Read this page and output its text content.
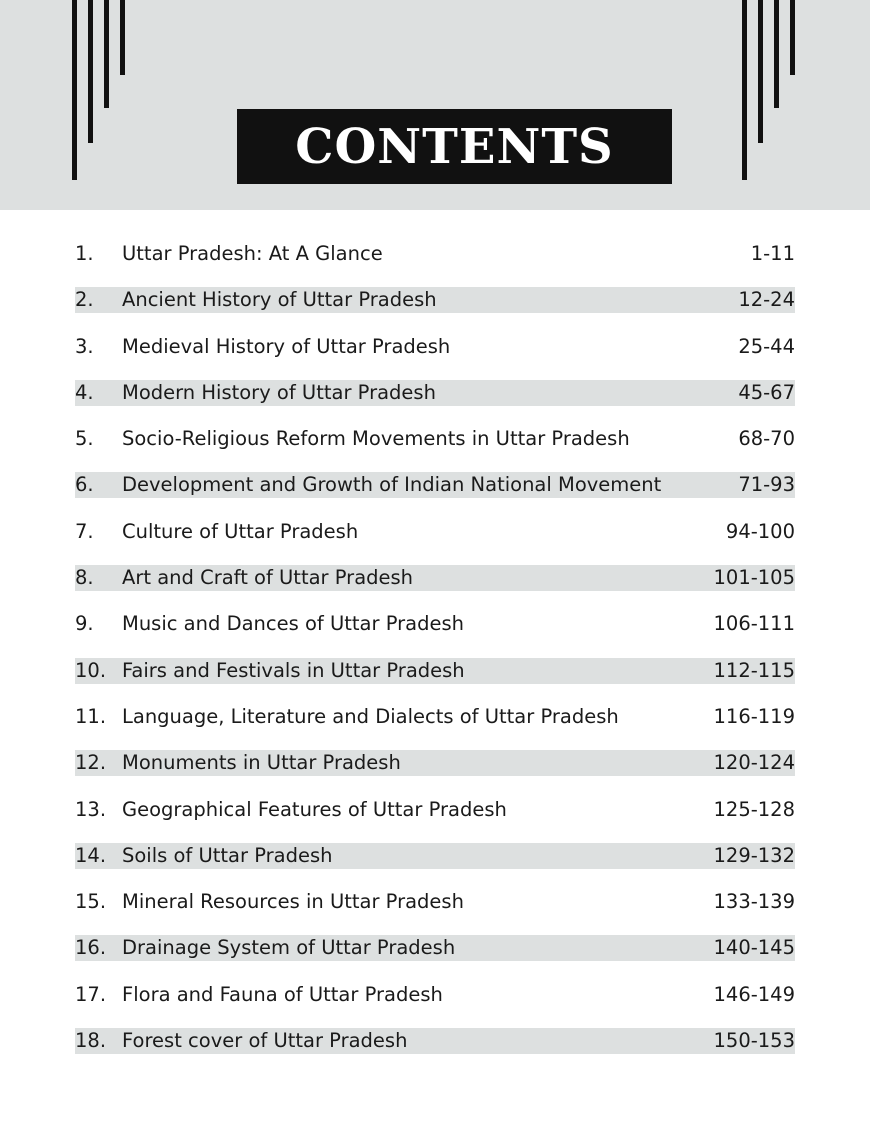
CONTENTS
1.	Uttar Pradesh: At A Glance	1-11
2.	Ancient History of Uttar Pradesh	12-24
3.	Medieval History of Uttar Pradesh	25-44
4.	Modern History of Uttar Pradesh	45-67
5.	Socio-Religious Reform Movements in Uttar Pradesh	68-70
6.	Development and Growth of Indian National Movement	71-93
7.	Culture of Uttar Pradesh	94-100
8.	Art and Craft of Uttar Pradesh	101-105
9.	Music and Dances of Uttar Pradesh	106-111
10. Fairs and Festivals in Uttar Pradesh	112-115
11. Language, Literature and Dialects of Uttar Pradesh	116-119
12. Monuments in Uttar Pradesh	120-124
13. Geographical Features of Uttar Pradesh	125-128
14. Soils of Uttar Pradesh	129-132
15. Mineral Resources in Uttar Pradesh	133-139
16. Drainage System of Uttar Pradesh	140-145
17. Flora and Fauna of Uttar Pradesh	146-149
18. Forest cover of Uttar Pradesh	150-153
